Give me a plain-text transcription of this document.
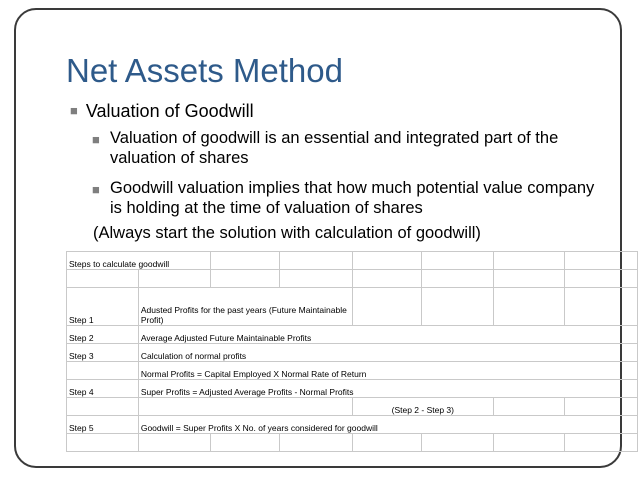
Net Assets Method
■ Valuation of Goodwill
■ Valuation of goodwill is an essential and integrated part of the valuation of shares
■ Goodwill valuation implies that how much potential value company is holding at the time of valuation of shares
(Always start the solution with calculation of goodwill)
Steps to calculate goodwill							

Step 1	Adusted Profits for the past years (Future Maintainable Profit)						
Step 2	Average Adjusted Future Maintainable Profits						
Step 3	Calculation of normal profits						
	Normal Profits = Capital Employed X Normal Rate of Return						
Step 4	Super Profits = Adjusted Average Profits - Normal Profits						
				(Step 2 - Step 3)			
Step 5	Goodwill = Super Profits X No. of years considered for goodwill						
